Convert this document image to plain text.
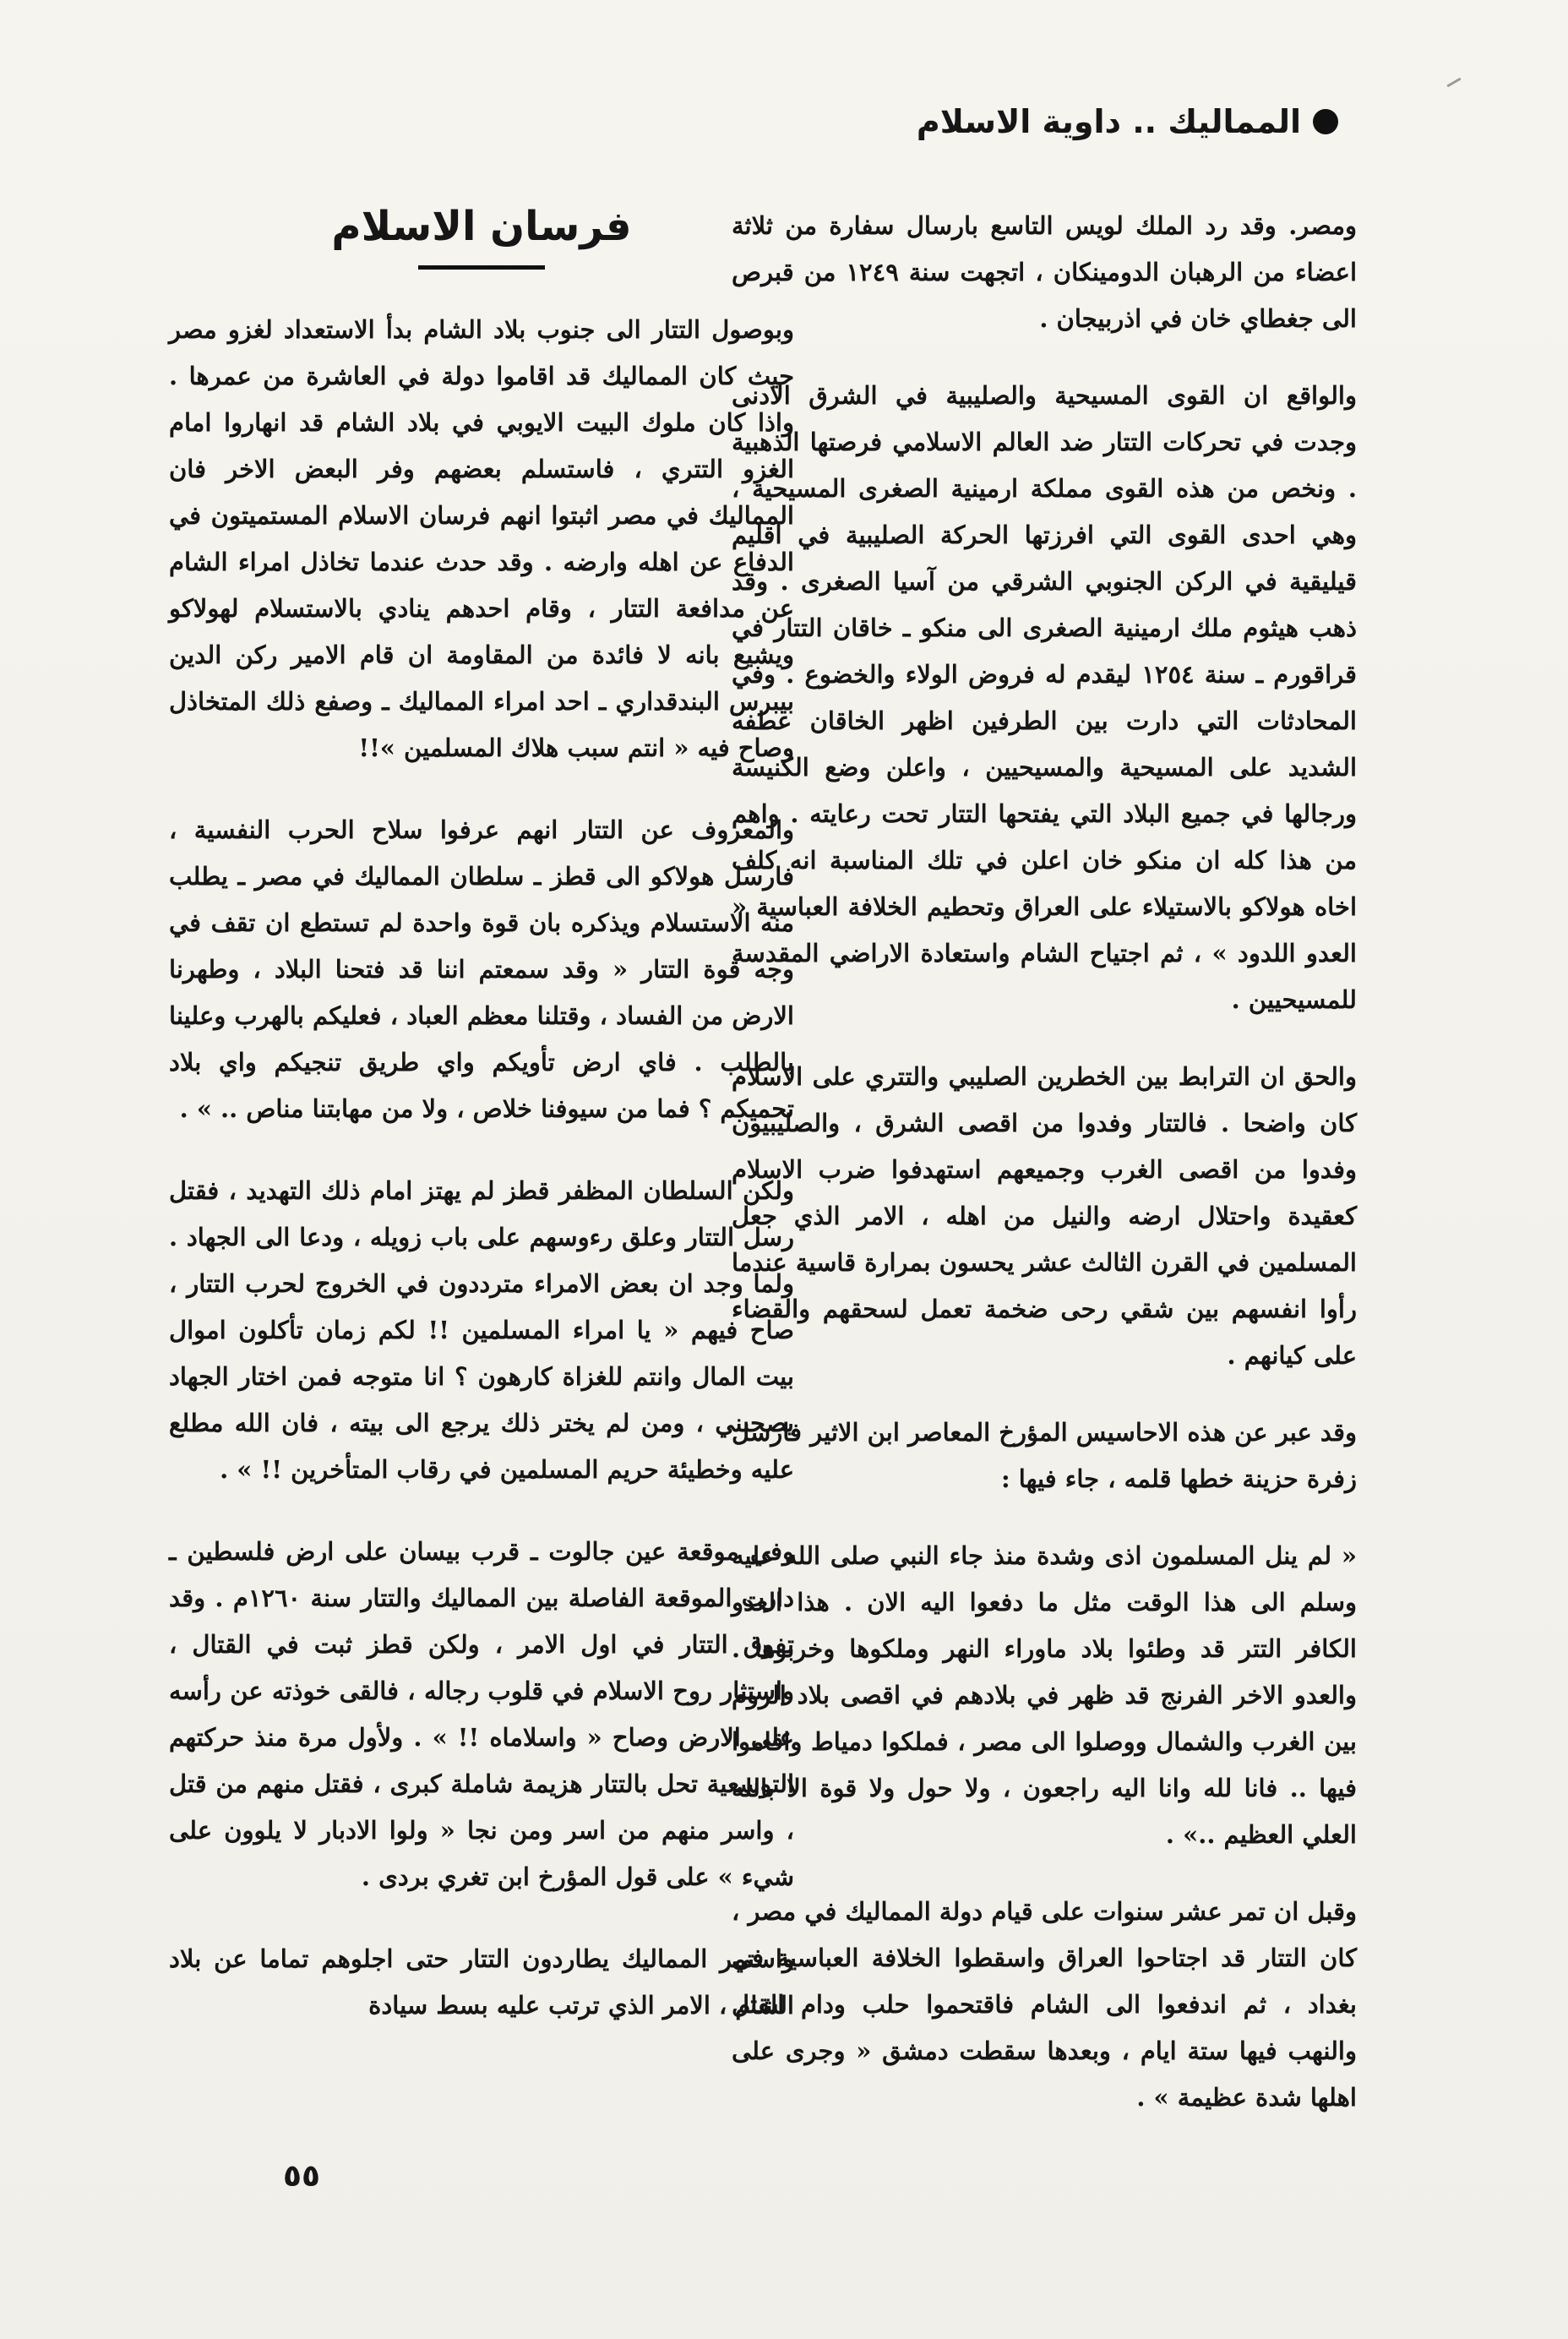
المماليك .. داوية الاسلام

ومصر. وقد رد الملك لويس التاسع بارسال سفارة من ثلاثة اعضاء من الرهبان الدومينكان ، اتجهت سنة ١٢٤٩ من قبرص الى جغطاي خان في اذربيجان .

والواقع ان القوى المسيحية والصليبية في الشرق الادنى وجدت في تحركات التتار ضد العالم الاسلامي فرصتها الذهبية . ونخص من هذه القوى مملكة ارمينية الصغرى المسيحية ، وهي احدى القوى التي افرزتها الحركة الصليبية في اقليم قيليقية في الركن الجنوبي الشرقي من آسيا الصغرى . وقد ذهب هيثوم ملك ارمينية الصغرى الى منكو ـ خاقان التتار في قراقورم ـ سنة ١٢٥٤ ليقدم له فروض الولاء والخضوع . وفي المحادثات التي دارت بين الطرفين اظهر الخاقان عطفه الشديد على المسيحية والمسيحيين ، واعلن وضع الكنيسة ورجالها في جميع البلاد التي يفتحها التتار تحت رعايته . واهم من هذا كله ان منكو خان اعلن في تلك المناسبة انه كلف اخاه هولاكو بالاستيلاء على العراق وتحطيم الخلافة العباسية « العدو اللدود » ، ثم اجتياح الشام واستعادة الاراضي المقدسة للمسيحيين .

والحق ان الترابط بين الخطرين الصليبي والتتري على الاسلام كان واضحا . فالتتار وفدوا من اقصى الشرق ، والصليبيون وفدوا من اقصى الغرب وجميعهم استهدفوا ضرب الاسلام كعقيدة واحتلال ارضه والنيل من اهله ، الامر الذي جعل المسلمين في القرن الثالث عشر يحسون بمرارة قاسية عندما رأوا انفسهم بين شقي رحى ضخمة تعمل لسحقهم والقضاء على كيانهم .

وقد عبر عن هذه الاحاسيس المؤرخ المعاصر ابن الاثير فارسل زفرة حزينة خطها قلمه ، جاء فيها :

« لم ينل المسلمون اذى وشدة منذ جاء النبي صلى الله عليه وسلم الى هذا الوقت مثل ما دفعوا اليه الان . هذا العدو الكافر التتر قد وطئوا بلاد ماوراء النهر وملكوها وخربوها . والعدو الاخر الفرنج قد ظهر في بلادهم في اقصى بلاد الروم بين الغرب والشمال ووصلوا الى مصر ، فملكوا دمياط واقاموا فيها .. فانا لله وانا اليه راجعون ، ولا حول ولا قوة الا بالله العلي العظيم ..» .

وقبل ان تمر عشر سنوات على قيام دولة المماليك في مصر ، كان التتار قد اجتاحوا العراق واسقطوا الخلافة العباسية في بغداد ، ثم اندفعوا الى الشام فاقتحموا حلب ودام القتل والنهب فيها ستة ايام ، وبعدها سقطت دمشق « وجرى على اهلها شدة عظيمة » .

فرسان الاسلام

وبوصول التتار الى جنوب بلاد الشام بدأ الاستعداد لغزو مصر حيث كان المماليك قد اقاموا دولة في العاشرة من عمرها . واذا كان ملوك البيت الايوبي في بلاد الشام قد انهاروا امام الغزو التتري ، فاستسلم بعضهم وفر البعض الاخر فان المماليك في مصر اثبتوا انهم فرسان الاسلام المستميتون في الدفاع عن اهله وارضه . وقد حدث عندما تخاذل امراء الشام عن مدافعة التتار ، وقام احدهم ينادي بالاستسلام لهولاكو ويشيع بانه لا فائدة من المقاومة ان قام الامير ركن الدين بيبرس البندقداري ـ احد امراء المماليك ـ وصفع ذلك المتخاذل وصاح فيه « انتم سبب هلاك المسلمين »!!

والمعروف عن التتار انهم عرفوا سلاح الحرب النفسية ، فارسل هولاكو الى قطز ـ سلطان المماليك في مصر ـ يطلب منه الاستسلام ويذكره بان قوة واحدة لم تستطع ان تقف في وجه قوة التتار « وقد سمعتم اننا قد فتحنا البلاد ، وطهرنا الارض من الفساد ، وقتلنا معظم العباد ، فعليكم بالهرب وعلينا بالطلب . فاي ارض تأويكم واي طريق تنجيكم واي بلاد تحميكم ؟ فما من سيوفنا خلاص ، ولا من مهابتنا مناص .. » .

ولكن السلطان المظفر قطز لم يهتز امام ذلك التهديد ، فقتل رسل التتار وعلق رءوسهم على باب زويله ، ودعا الى الجهاد . ولما وجد ان بعض الامراء مترددون في الخروج لحرب التتار ، صاح فيهم « يا امراء المسلمين !! لكم زمان تأكلون اموال بيت المال وانتم للغزاة كارهون ؟ انا متوجه فمن اختار الجهاد يصحبني ، ومن لم يختر ذلك يرجع الى بيته ، فان الله مطلع عليه وخطيئة حريم المسلمين في رقاب المتأخرين !! » .

وفي موقعة عين جالوت ـ قرب بيسان على ارض فلسطين ـ دارت الموقعة الفاصلة بين المماليك والتتار سنة ١٢٦٠م . وقد تفوق التتار في اول الامر ، ولكن قطز ثبت في القتال ، واستثار روح الاسلام في قلوب رجاله ، فالقى خوذته عن رأسه على الارض وصاح « واسلاماه !! » . ولأول مرة منذ حركتهم التوسعية تحل بالتتار هزيمة شاملة كبرى ، فقتل منهم من قتل ، واسر منهم من اسر ومن نجا « ولوا الادبار لا يلوون على شيء » على قول المؤرخ ابن تغري بردى .

واستمر المماليك يطاردون التتار حتى اجلوهم تماما عن بلاد الشام ، الامر الذي ترتب عليه بسط سيادة

٥٥
